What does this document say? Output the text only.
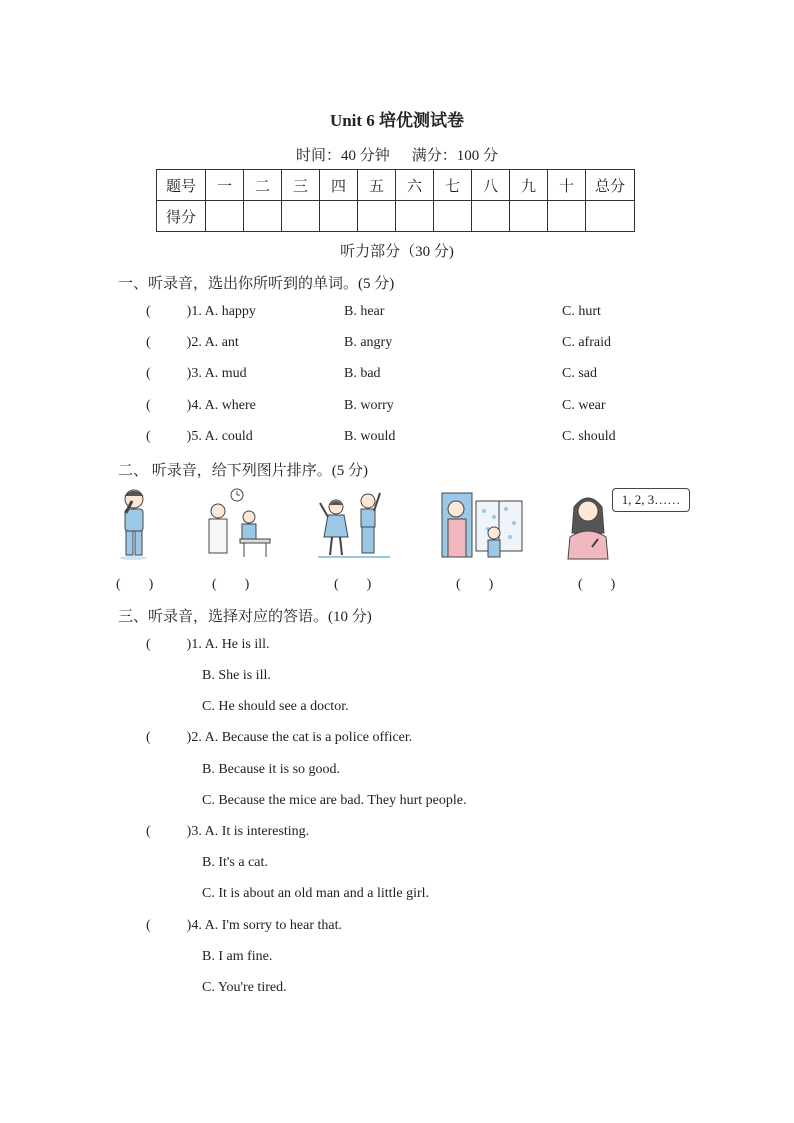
Unit 6 培优测试卷
时间：40 分钟 满分：100 分
题号	一	二	三	四	五	六	七	八	九	十	总分
得分											
听力部分（30 分)
一、听录音，选出你所听到的单词。(5 分)
(	)1. A. happy	B. hear	C. hurt
(	)2. A. ant	B. angry	C. afraid
(	)3. A. mud	B. bad	C. sad
(	)4. A. where	B. worry	C. wear
(	)5. A. could	B. would	C. should
二、 听录音，给下列图片排序。(5 分)
1, 2, 3……
(　　)	(　　)	(　　)	(　　)	(　　)
三、听录音，选择对应的答语。(10 分)
(	)1. A. He is ill.
B. She is ill.
C. He should see a doctor.
(	)2. A. Because the cat is a police officer.
B. Because it is so good.
C. Because the mice are bad. They hurt people.
(	)3. A. It is interesting.
B. It's a cat.
C. It is about an old man and a little girl.
(	)4. A. I'm sorry to hear that.
B. I am fine.
C. You're tired.
